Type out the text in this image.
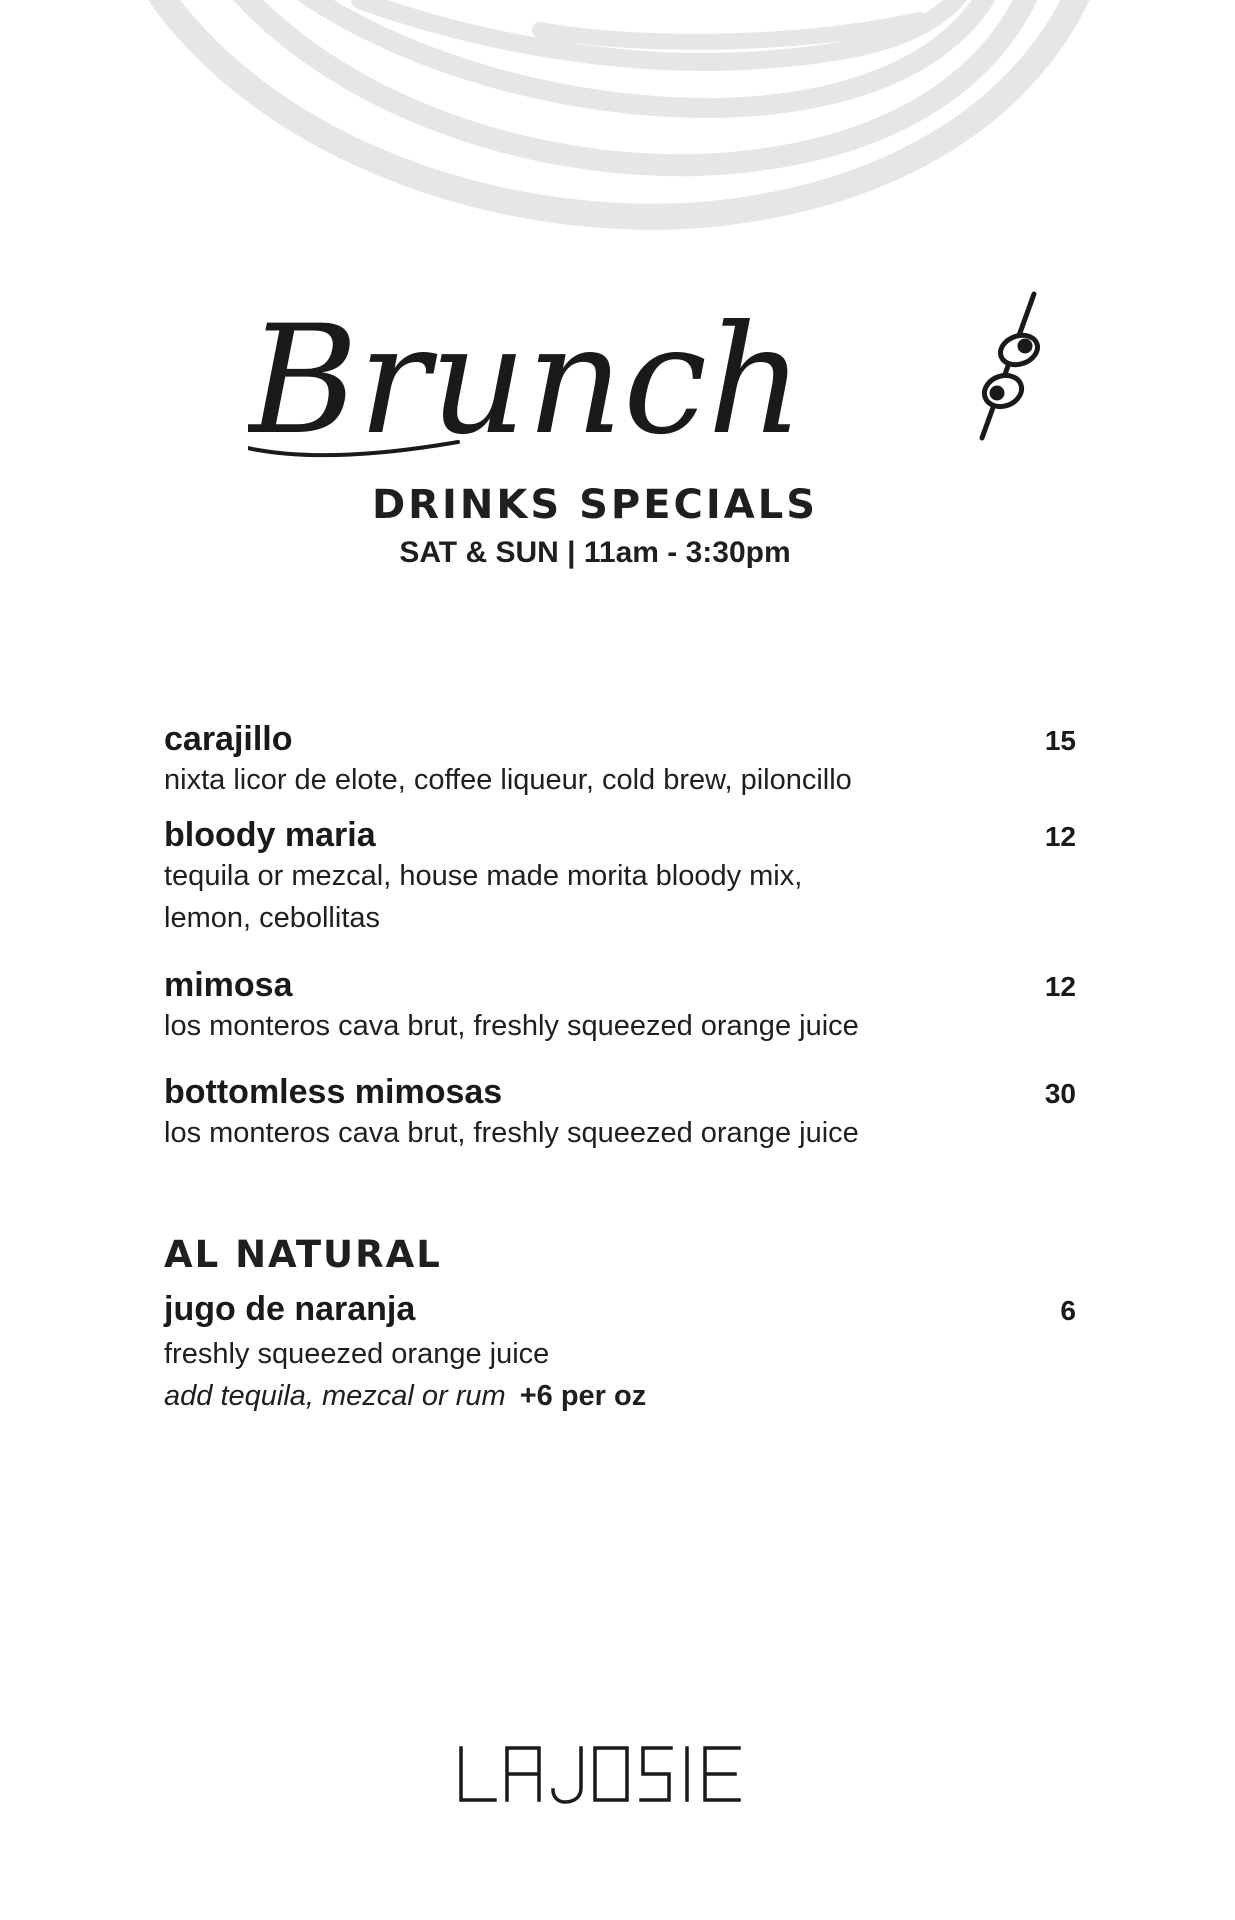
Brunch
DRINKS SPECIALS
SAT & SUN | 11am - 3:30pm
carajillo	15
nixta licor de elote, coffee liqueur, cold brew, piloncillo
bloody maria	12
tequila or mezcal, house made morita bloody mix,
lemon, cebollitas
mimosa	12
los monteros cava brut, freshly squeezed orange juice
bottomless mimosas	30
los monteros cava brut, freshly squeezed orange juice
AL NATURAL
jugo de naranja	6
freshly squeezed orange juice
add tequila, mezcal or rum +6 per oz
